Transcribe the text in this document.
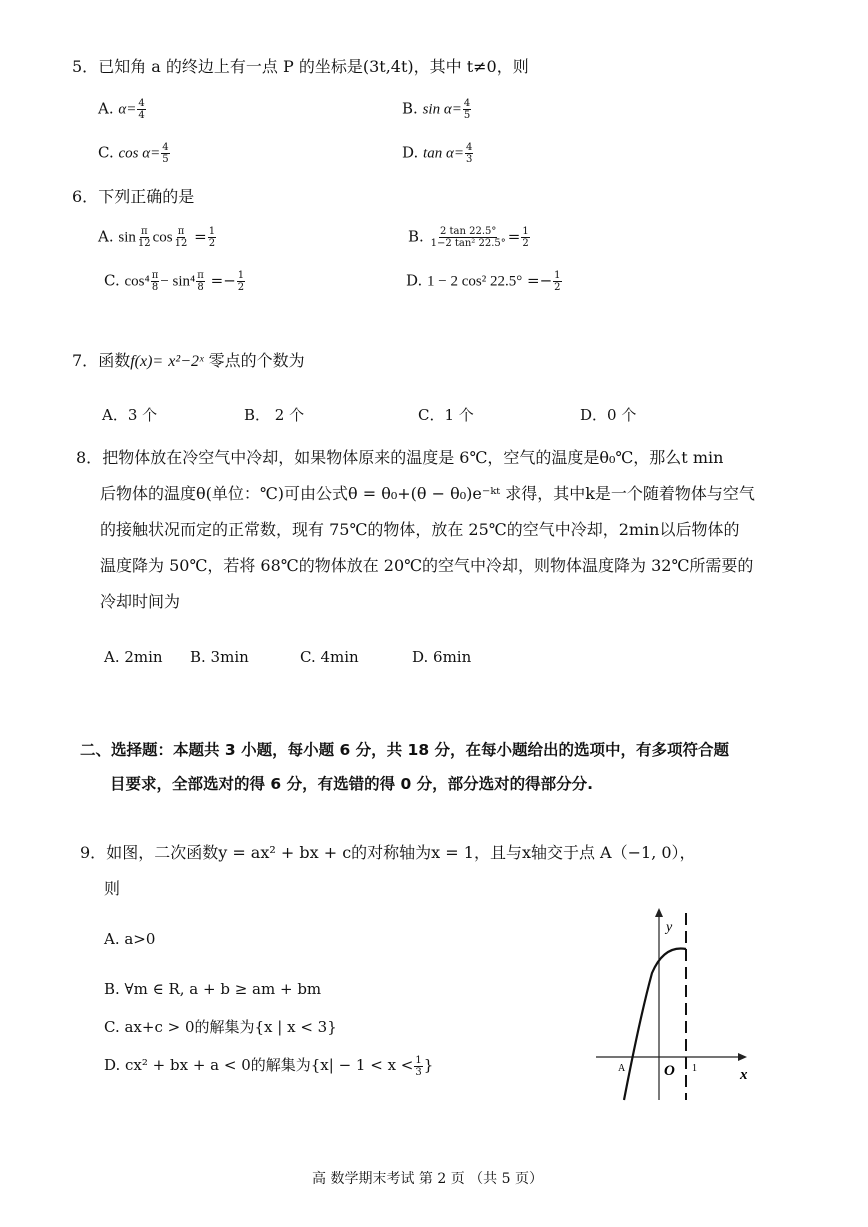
5．已知角 a 的终边上有一点 P 的坐标是(3t,4t)，其中 t≠0，则
A. $\alpha= \frac{4}{4}$	B. $\sin \alpha= \frac{4}{5}$
C. $\cos \alpha= \frac{4}{5}$	D. $\tan \alpha= \frac{4}{3}$
6．下列正确的是
A. $\sin \frac{\pi}{12}$ $\cos \frac{\pi}{12} = \frac{1}{2}$	B. $\frac{2 \tan 22.5^\circ}{\text{1−2 tan² 22.5°}} = \frac{1}{2}$
C. $\cos^4 \frac{\pi}{8} - \sin^4 \frac{\pi}{8} =- \frac{1}{2}$	D. 1 − 2 cos² $22.5^\circ =- \frac{1}{2}$
7．函数f(x)= x²−2ˣ 零点的个数为
A．3 个	B． 2 个	C．1 个	D．0 个
8．把物体放在冷空气中冷却，如果物体原来的温度是 6℃，空气的温度是θ₀℃，那么t min
后物体的温度θ(单位：℃)可由公式θ = θ₀+(θ − θ₀)e⁻ᵏᵗ 求得，其中k是一个随着物体与空气
的接触状况而定的正常数，现有 75℃的物体，放在 25℃的空气中冷却，2min以后物体的
温度降为 50℃，若将 68℃的物体放在 20℃的空气中冷却，则物体温度降为 32℃所需要的
冷却时间为
A. 2min B. 3min	C. 4min	D. 6min
二、选择题：本题共 3 小题，每小题 6 分，共 18 分，在每小题给出的选项中，有多项符合题
目要求，全部选对的得 6 分，有选错的得 0 分，部分选对的得部分分.
9．如图，二次函数y = ax² + bx + c的对称轴为x = 1，且与x轴交于点 A（−1, 0），
则
A. a>0
B. ∀m ∈ R, a + b ≥ am + bm
C. ax+c > 0的解集为{x | x < 3}
D. cx² + bx + a < 0的解集为{$x| - 1 < x < \frac{1}{3}$ }
y
x
O
A	1
高 数学期末考试 第 2 页 （共 5 页）
